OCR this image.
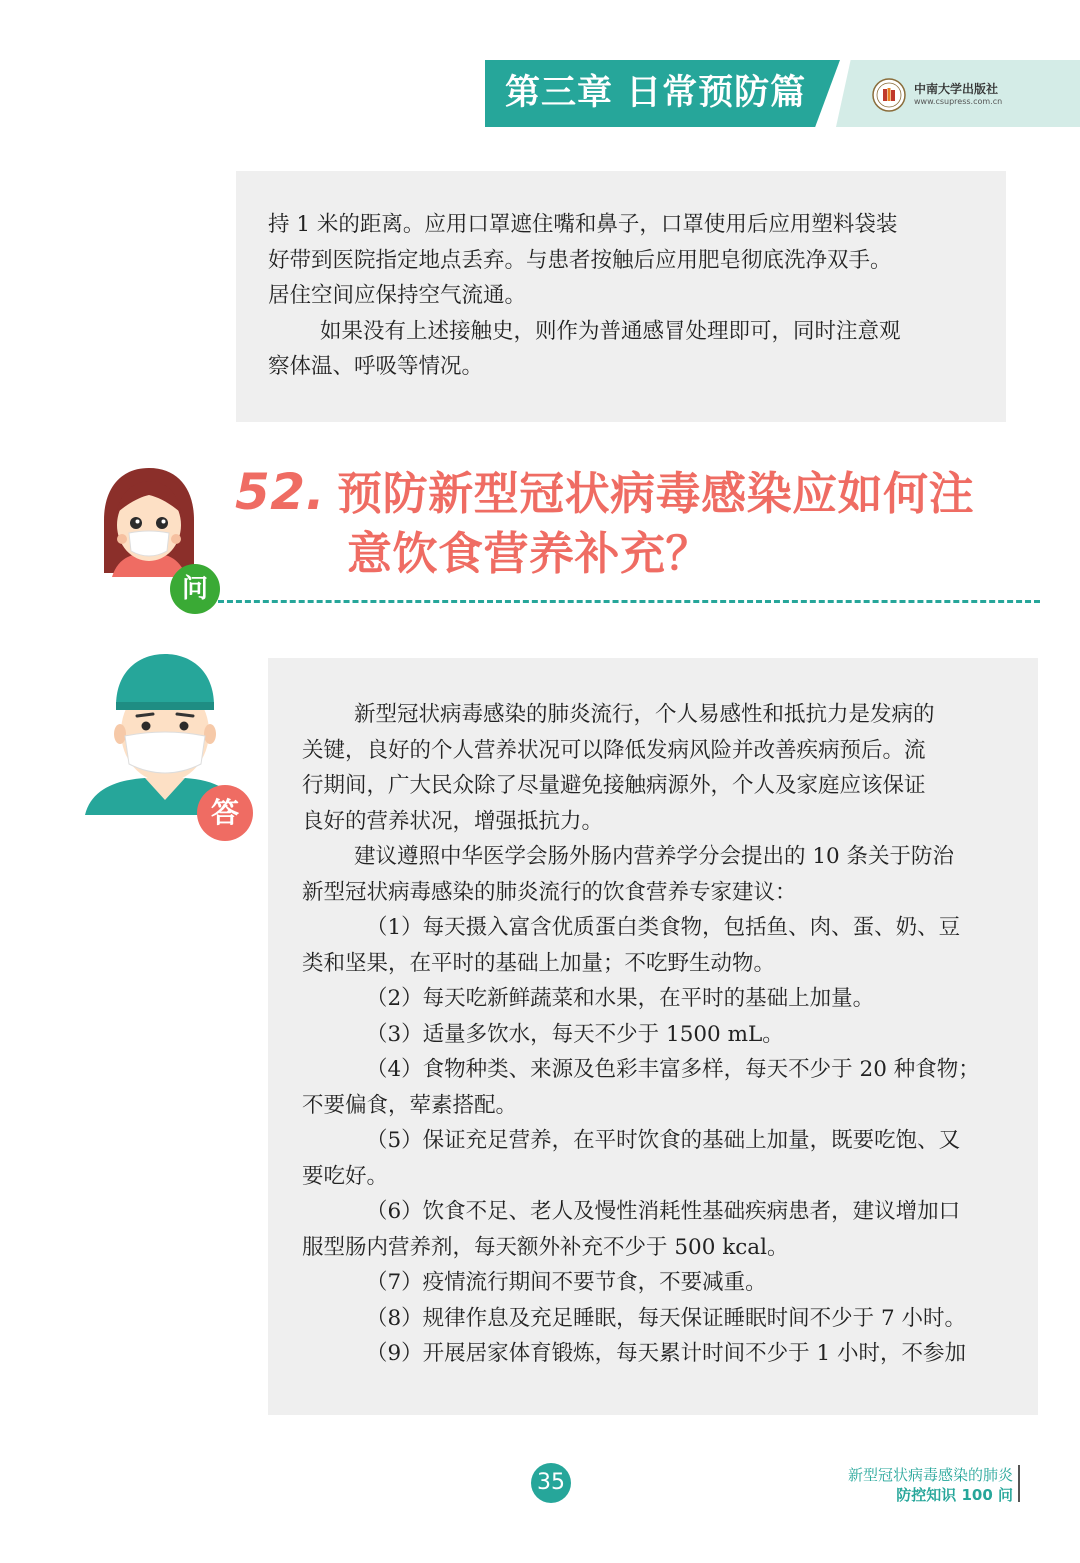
第三章 日常预防篇	中南大学出版社
www.csupress.com.cn

持 1 米的距离。应用口罩遮住嘴和鼻子，口罩使用后应用塑料袋装

好带到医院指定地点丢弃。与患者按触后应用肥皂彻底洗净双手。

居住空间应保持空气流通。

如果没有上述接触史，则作为普通感冒处理即可，同时注意观

察体温、呼吸等情况。

问
52. 预防新型冠状病毒感染应如何注
意饮食营养补充？
答

新型冠状病毒感染的肺炎流行，个人易感性和抵抗力是发病的

关键，良好的个人营养状况可以降低发病风险并改善疾病预后。流

行期间，广大民众除了尽量避免接触病源外，个人及家庭应该保证

良好的营养状况，增强抵抗力。

建议遵照中华医学会肠外肠内营养学分会提出的 10 条关于防治

新型冠状病毒感染的肺炎流行的饮食营养专家建议：

（1）每天摄入富含优质蛋白类食物，包括鱼、肉、蛋、奶、豆

类和坚果，在平时的基础上加量；不吃野生动物。

（2）每天吃新鲜蔬菜和水果，在平时的基础上加量。

（3）适量多饮水，每天不少于 1500 mL。

（4）食物种类、来源及色彩丰富多样，每天不少于 20 种食物；

不要偏食，荤素搭配。

（5）保证充足营养，在平时饮食的基础上加量，既要吃饱、又

要吃好。

（6）饮食不足、老人及慢性消耗性基础疾病患者，建议增加口

服型肠内营养剂，每天额外补充不少于 500 kcal。

（7）疫情流行期间不要节食，不要减重。

（8）规律作息及充足睡眠，每天保证睡眠时间不少于 7 小时。

（9）开展居家体育锻炼，每天累计时间不少于 1 小时，不参加

35	新型冠状病毒感染的肺炎
防控知识 100 问
